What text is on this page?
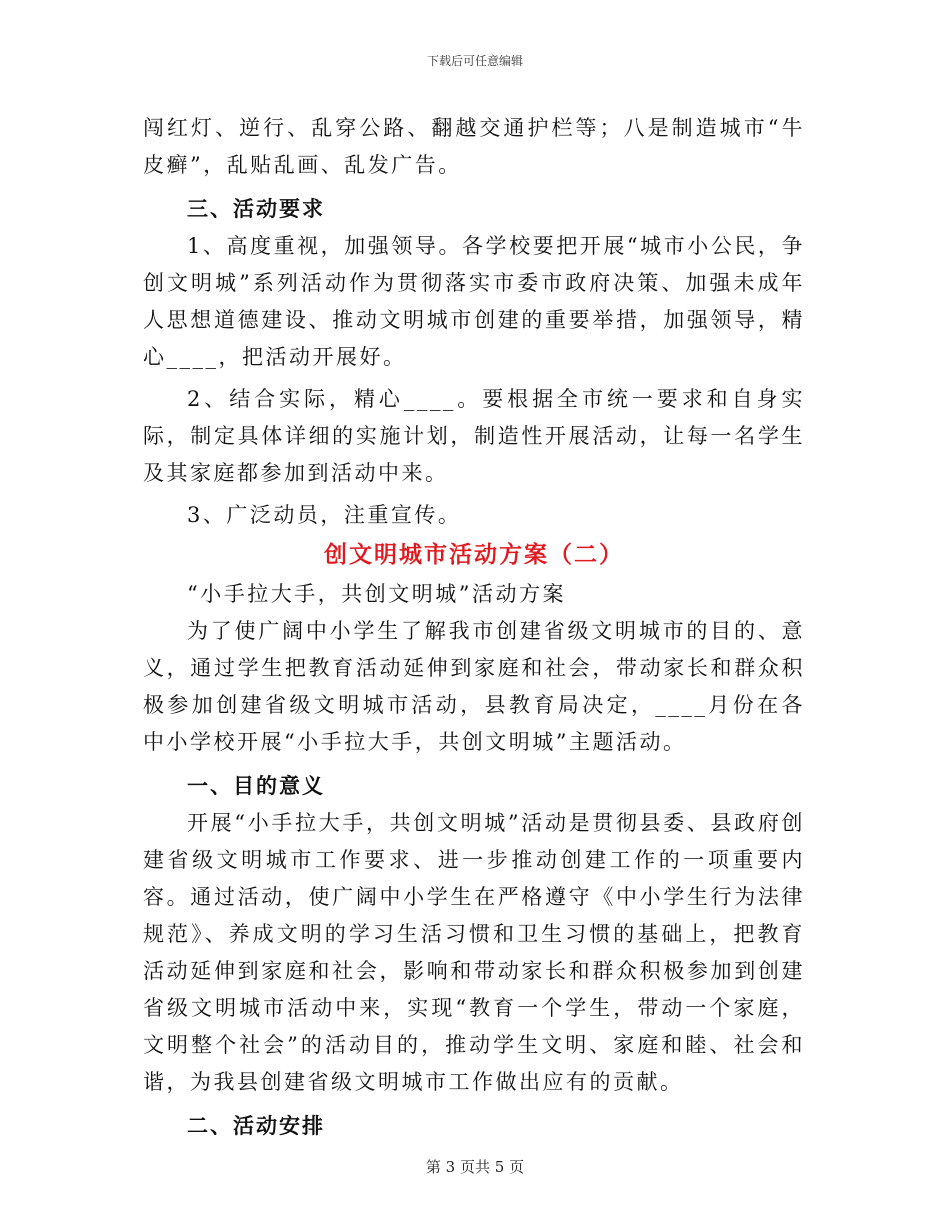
下载后可任意编辑

闯红灯、逆行、乱穿公路、翻越交通护栏等；八是制造城市“牛皮癣”，乱贴乱画、乱发广告。

三、活动要求

1、高度重视，加强领导。各学校要把开展“城市小公民，争创文明城”系列活动作为贯彻落实市委市政府决策、加强未成年人思想道德建设、推动文明城市创建的重要举措，加强领导，精心____，把活动开展好。

2、结合实际，精心____。要根据全市统一要求和自身实际，制定具体详细的实施计划，制造性开展活动，让每一名学生及其家庭都参加到活动中来。

3、广泛动员，注重宣传。

创文明城市活动方案（二）

“小手拉大手，共创文明城”活动方案

为了使广阔中小学生了解我市创建省级文明城市的目的、意义，通过学生把教育活动延伸到家庭和社会，带动家长和群众积极参加创建省级文明城市活动，县教育局决定，____月份在各中小学校开展“小手拉大手，共创文明城”主题活动。

一、目的意义

开展“小手拉大手，共创文明城”活动是贯彻县委、县政府创建省级文明城市工作要求、进一步推动创建工作的一项重要内容。通过活动，使广阔中小学生在严格遵守《中小学生行为法律规范》、养成文明的学习生活习惯和卫生习惯的基础上，把教育活动延伸到家庭和社会，影响和带动家长和群众积极参加到创建省级文明城市活动中来，实现“教育一个学生，带动一个家庭，文明整个社会”的活动目的，推动学生文明、家庭和睦、社会和谐，为我县创建省级文明城市工作做出应有的贡献。

二、活动安排

第 3 页共 5 页
